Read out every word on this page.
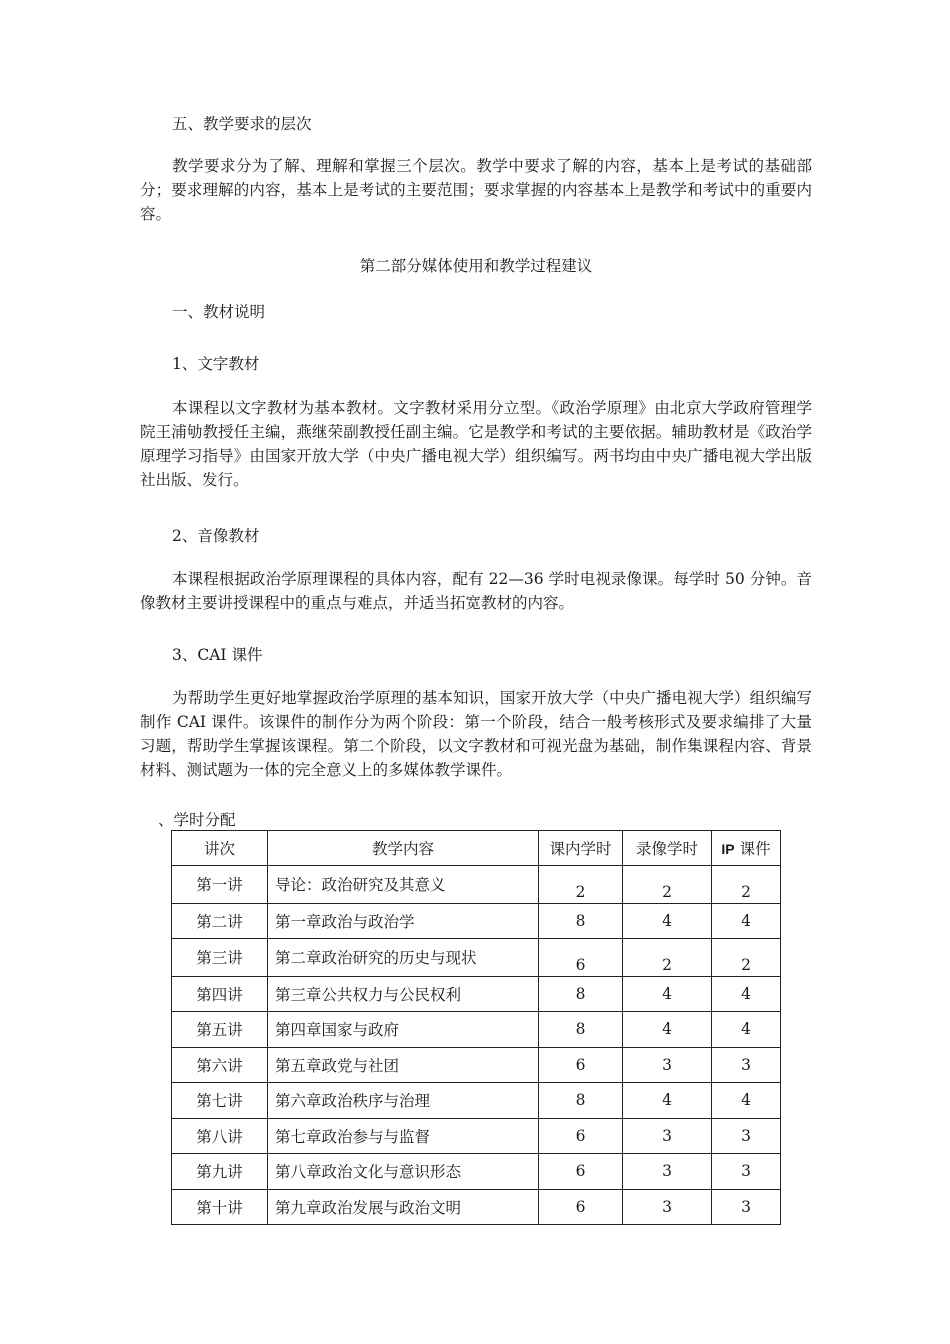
五、教学要求的层次

教学要求分为了解、理解和掌握三个层次。教学中要求了解的内容，基本上是考试的基础部分；要求理解的内容，基本上是考试的主要范围；要求掌握的内容基本上是教学和考试中的重要内容。

第二部分媒体使用和教学过程建议

一、教材说明

1、文字教材

本课程以文字教材为基本教材。文字教材采用分立型。《政治学原理》由北京大学政府管理学院王浦劬教授任主编，燕继荣副教授任副主编。它是教学和考试的主要依据。辅助教材是《政治学原理学习指导》由国家开放大学（中央广播电视大学）组织编写。两书均由中央广播电视大学出版社出版、发行。

2、音像教材

本课程根据政治学原理课程的具体内容，配有 22—36 学时电视录像课。每学时 50 分钟。音像教材主要讲授课程中的重点与难点，并适当拓宽教材的内容。

3、CAI 课件

为帮助学生更好地掌握政治学原理的基本知识，国家开放大学（中央广播电视大学）组织编写制作 CAI 课件。该课件的制作分为两个阶段：第一个阶段，结合一般考核形式及要求编排了大量习题，帮助学生掌握该课程。第二个阶段，以文字教材和可视光盘为基础，制作集课程内容、背景材料、测试题为一体的完全意义上的多媒体教学课件。

、学时分配

讲次	教学内容	课内学时	录像学时	IP 课件
第一讲	导论：政治研究及其意义	2	2	2
第二讲	第一章政治与政治学	8	4	4
第三讲	第二章政治研究的历史与现状	6	2	2
第四讲	第三章公共权力与公民权利	8	4	4
第五讲	第四章国家与政府	8	4	4
第六讲	第五章政党与社团	6	3	3
第七讲	第六章政治秩序与治理	8	4	4
第八讲	第七章政治参与与监督	6	3	3
第九讲	第八章政治文化与意识形态	6	3	3
第十讲	第九章政治发展与政治文明	6	3	3
